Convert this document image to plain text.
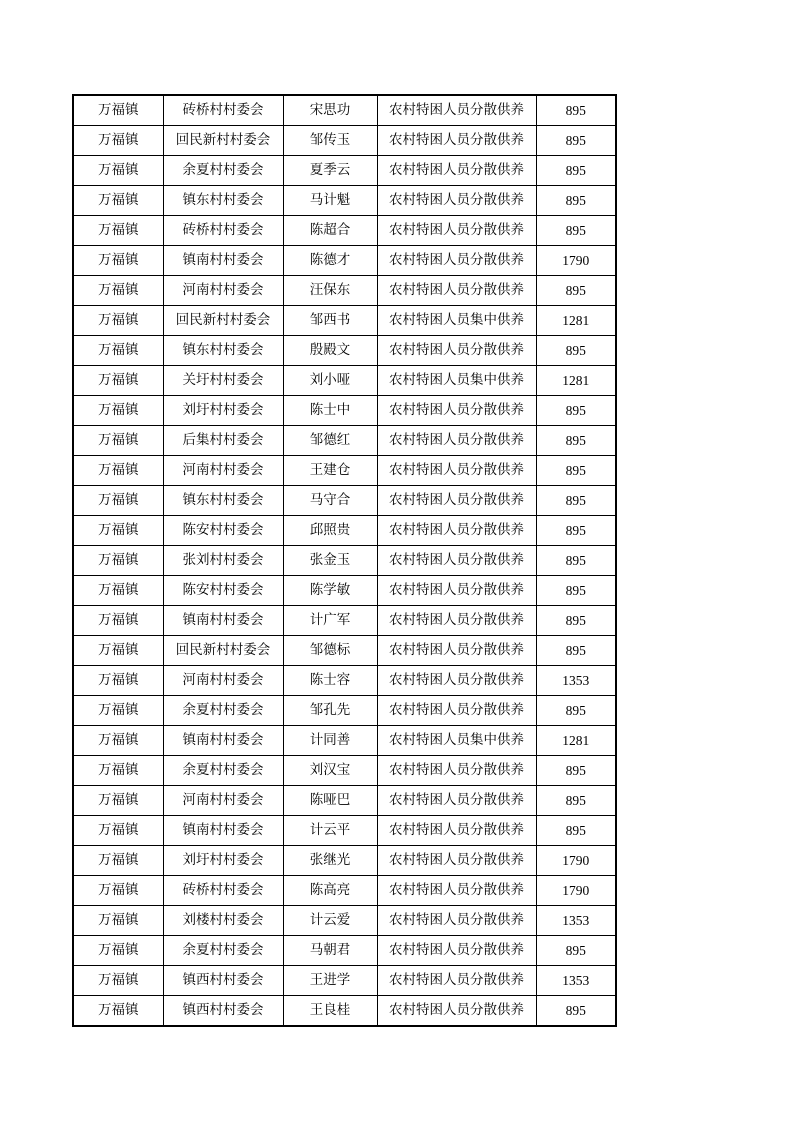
万福镇	砖桥村村委会	宋思功	农村特困人员分散供养	895
万福镇	回民新村村委会	邹传玉	农村特困人员分散供养	895
万福镇	余夏村村委会	夏季云	农村特困人员分散供养	895
万福镇	镇东村村委会	马计魁	农村特困人员分散供养	895
万福镇	砖桥村村委会	陈超合	农村特困人员分散供养	895
万福镇	镇南村村委会	陈德才	农村特困人员分散供养	1790
万福镇	河南村村委会	汪保东	农村特困人员分散供养	895
万福镇	回民新村村委会	邹西书	农村特困人员集中供养	1281
万福镇	镇东村村委会	殷殿文	农村特困人员分散供养	895
万福镇	关圩村村委会	刘小哑	农村特困人员集中供养	1281
万福镇	刘圩村村委会	陈士中	农村特困人员分散供养	895
万福镇	后集村村委会	邹德红	农村特困人员分散供养	895
万福镇	河南村村委会	王建仓	农村特困人员分散供养	895
万福镇	镇东村村委会	马守合	农村特困人员分散供养	895
万福镇	陈安村村委会	邱照贵	农村特困人员分散供养	895
万福镇	张刘村村委会	张金玉	农村特困人员分散供养	895
万福镇	陈安村村委会	陈学敏	农村特困人员分散供养	895
万福镇	镇南村村委会	计广军	农村特困人员分散供养	895
万福镇	回民新村村委会	邹德标	农村特困人员分散供养	895
万福镇	河南村村委会	陈士容	农村特困人员分散供养	1353
万福镇	余夏村村委会	邹孔先	农村特困人员分散供养	895
万福镇	镇南村村委会	计同善	农村特困人员集中供养	1281
万福镇	余夏村村委会	刘汉宝	农村特困人员分散供养	895
万福镇	河南村村委会	陈哑巴	农村特困人员分散供养	895
万福镇	镇南村村委会	计云平	农村特困人员分散供养	895
万福镇	刘圩村村委会	张继光	农村特困人员分散供养	1790
万福镇	砖桥村村委会	陈高亮	农村特困人员分散供养	1790
万福镇	刘楼村村委会	计云爱	农村特困人员分散供养	1353
万福镇	余夏村村委会	马朝君	农村特困人员分散供养	895
万福镇	镇西村村委会	王进学	农村特困人员分散供养	1353
万福镇	镇西村村委会	王良桂	农村特困人员分散供养	895
